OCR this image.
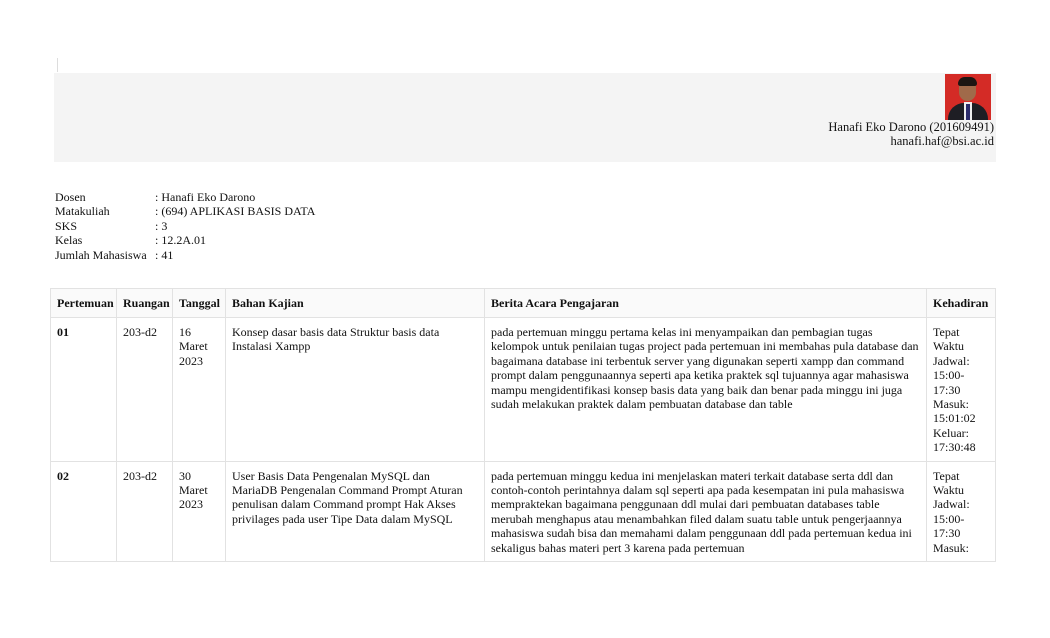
Hanafi Eko Darono (201609491)
hanafi.haf@bsi.ac.id
Dosen	: Hanafi Eko Darono
Matakuliah	: (694) APLIKASI BASIS DATA
SKS	: 3
Kelas	: 12.2A.01
Jumlah Mahasiswa : 41
Pertemuan	Ruangan	Tanggal	Bahan Kajian	Berita Acara Pengajaran	Kehadiran
01	203-d2	16 Maret 2023	Konsep dasar basis data Struktur basis data Instalasi Xampp	pada pertemuan minggu pertama kelas ini menyampaikan dan pembagian tugas kelompok untuk penilaian tugas project pada pertemuan ini membahas pula database dan bagaimana database ini terbentuk server yang digunakan seperti xampp dan command prompt dalam penggunaannya seperti apa ketika praktek sql tujuannya agar mahasiswa mampu mengidentifikasi konsep basis data yang baik dan benar pada minggu ini juga sudah melakukan praktek dalam pembuatan database dan table	Tepat Waktu Jadwal: 15:00-17:30 Masuk: 15:01:02 Keluar: 17:30:48
02	203-d2	30 Maret 2023	User Basis Data Pengenalan MySQL dan MariaDB Pengenalan Command Prompt Aturan penulisan dalam Command prompt Hak Akses privilages pada user Tipe Data dalam MySQL	pada pertemuan minggu kedua ini menjelaskan materi terkait database serta ddl dan contoh-contoh perintahnya dalam sql seperti apa pada kesempatan ini pula mahasiswa mempraktekan bagaimana penggunaan ddl mulai dari pembuatan databases table merubah menghapus atau menambahkan filed dalam suatu table untuk pengerjaannya mahasiswa sudah bisa dan memahami dalam penggunaan ddl pada pertemuan kedua ini sekaligus bahas materi pert 3 karena pada pertemuan	Tepat Waktu Jadwal: 15:00-17:30 Masuk:
